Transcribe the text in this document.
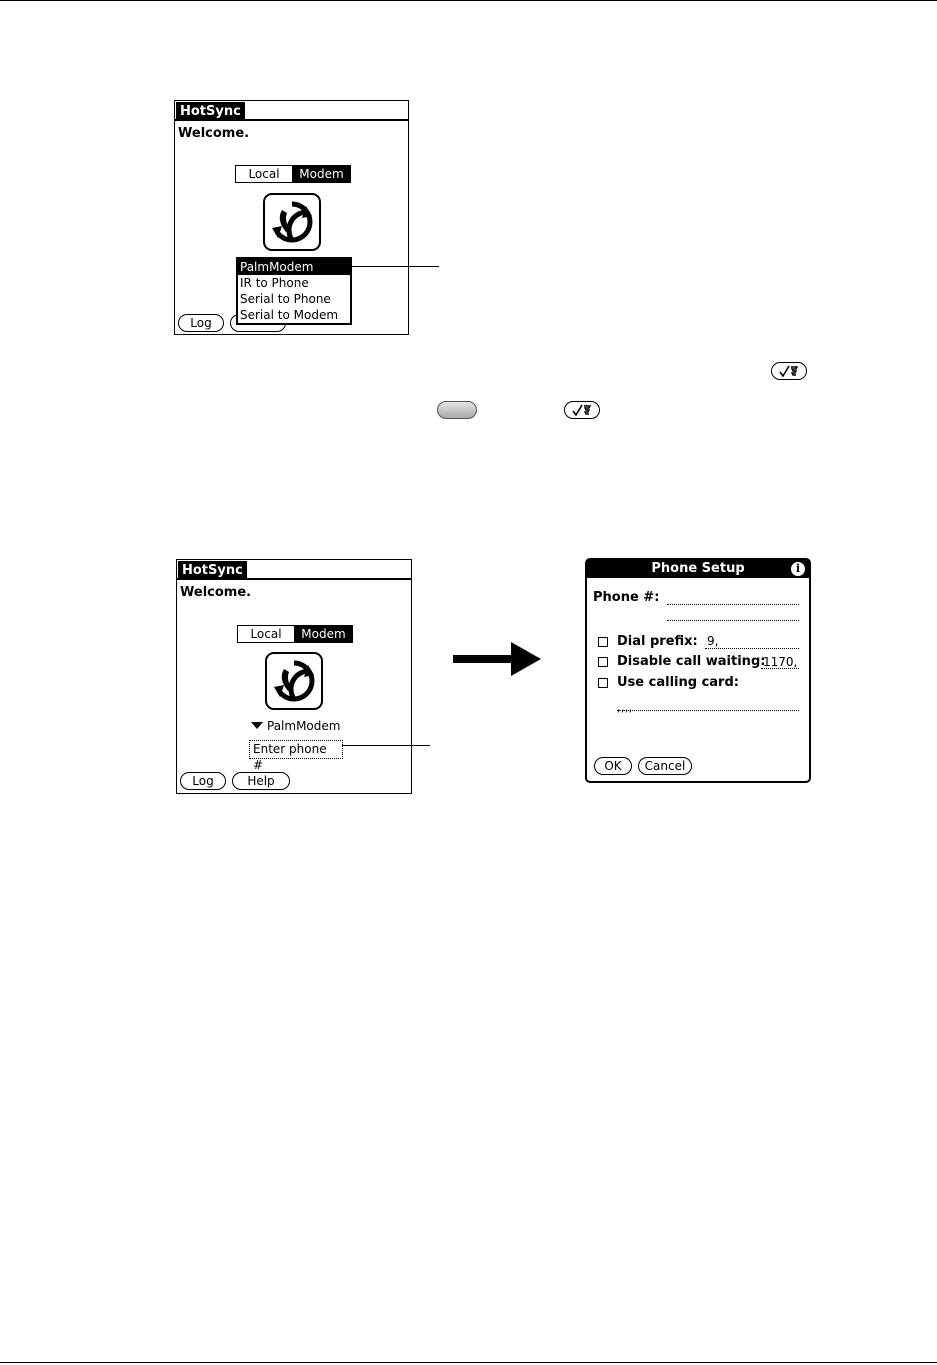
HotSync
Welcome.
Local	Modem
Log
PalmModem
IR to Phone
Serial to Phone
Serial to Modem
HotSync
Welcome.
Local	Modem
PalmModem
Enter phone #
Log	Help
Phone Setup	i
Phone #:
Dial prefix: 9,
Disable call waiting:
1170,
Use calling card:
,,,,
OK	Cancel
